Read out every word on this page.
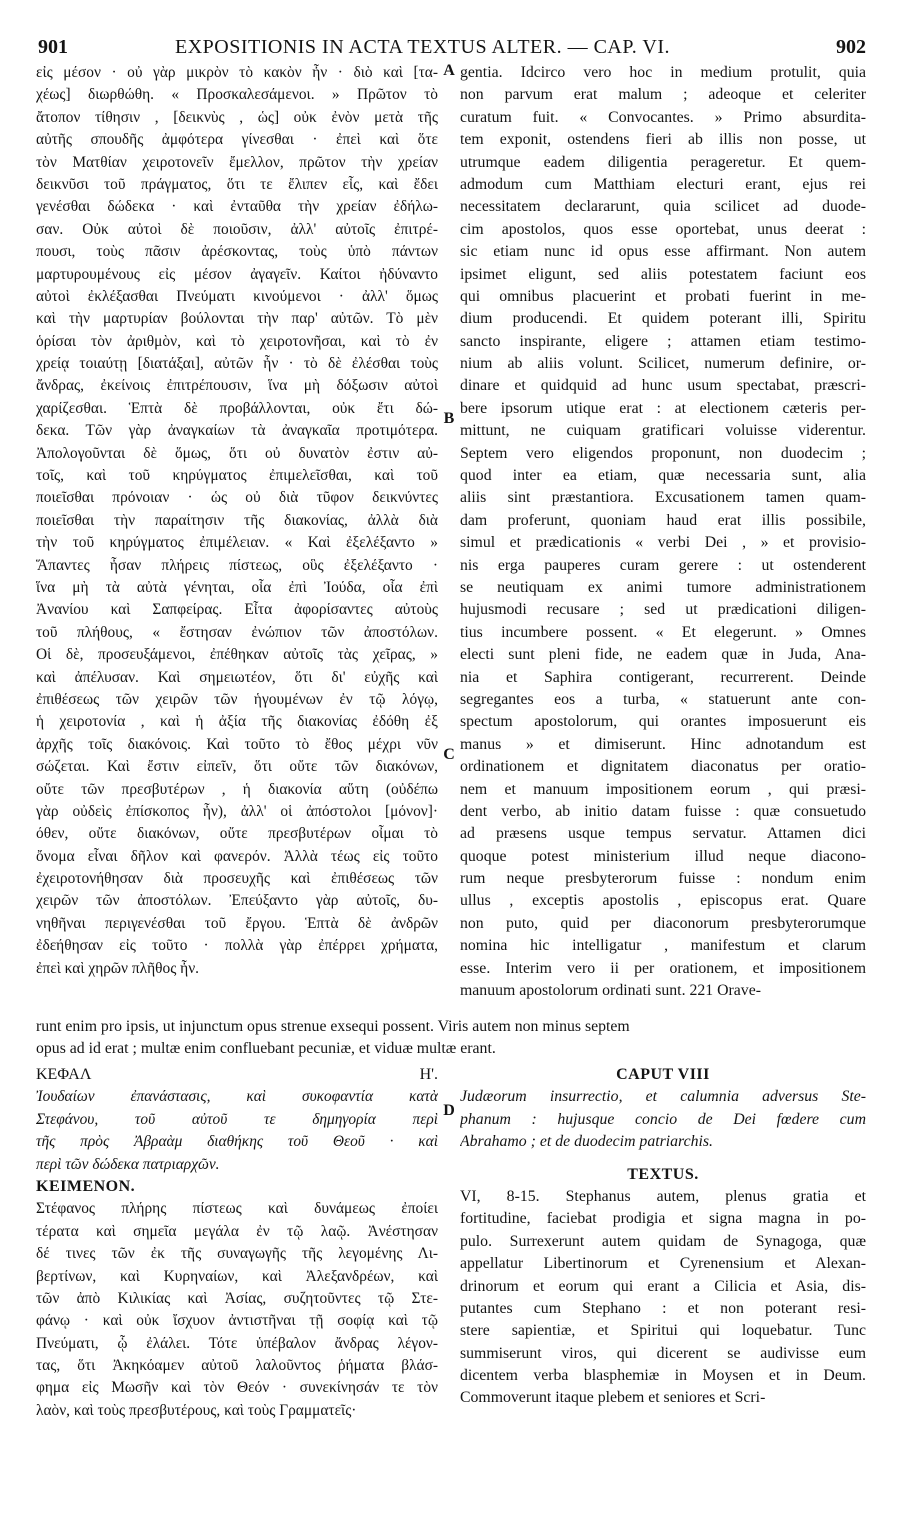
901	EXPOSITIONIS IN ACTA TEXTUS ALTER. — CAP. VI.	902
εἰς μέσον · οὐ γὰρ μικρὸν τὸ κακὸν ἦν · διὸ καὶ [τα-
χέως] διωρθώθη. « Προσκαλεσάμενοι. » Πρῶτον τὸ
ἄτοπον τίθησιν , [δεικνὺς , ὡς] οὐκ ἐνὸν μετὰ τῆς
αὐτῆς σπουδῆς ἀμφότερα γίνεσθαι · ἐπεὶ καὶ ὅτε
τὸν Ματθίαν χειροτονεῖν ἔμελλον, πρῶτον τὴν χρείαν
δεικνῦσι τοῦ πράγματος, ὅτι τε ἔλιπεν εἷς, καὶ ἔδει
γενέσθαι δώδεκα · καὶ ἐνταῦθα τὴν χρείαν ἐδήλω-
σαν. Οὐκ αὐτοὶ δὲ ποιοῦσιν, ἀλλ' αὐτοῖς ἐπιτρέ-
πουσι, τοὺς πᾶσιν ἀρέσκοντας, τοὺς ὑπὸ πάντων
μαρτυρουμένους εἰς μέσον ἀγαγεῖν. Καίτοι ἠδύναντο
αὐτοὶ ἐκλέξασθαι Πνεύματι κινούμενοι · ἀλλ' ὅμως
καὶ τὴν μαρτυρίαν βούλονται τὴν παρ' αὐτῶν. Τὸ μὲν
ὁρίσαι τὸν ἀριθμὸν, καὶ τὸ χειροτονῆσαι, καὶ τὸ ἐν
χρείᾳ τοιαύτῃ [διατάξαι], αὐτῶν ἦν · τὸ δὲ ἐλέσθαι τοὺς
ἄνδρας, ἐκείνοις ἐπιτρέπουσιν, ἵνα μὴ δόξωσιν αὐτοὶ
χαρίζεσθαι. Ἑπτὰ δὲ προβάλλονται, οὐκ ἔτι δώ-
δεκα. Τῶν γὰρ ἀναγκαίων τὰ ἀναγκαῖα προτιμότερα.
Ἀπολογοῦνται δὲ ὅμως, ὅτι οὐ δυνατὸν ἐστιν αὐ-
τοῖς, καὶ τοῦ κηρύγματος ἐπιμελεῖσθαι, καὶ τοῦ
ποιεῖσθαι πρόνοιαν · ὡς οὐ διὰ τῦφον δεικνύντες
ποιεῖσθαι τὴν παραίτησιν τῆς διακονίας, ἀλλὰ διὰ
τὴν τοῦ κηρύγματος ἐπιμέλειαν. « Καὶ ἐξελέξαντο »
Ἅπαντες ἦσαν πλήρεις πίστεως, οὓς ἐξελέξαντο ·
ἵνα μὴ τὰ αὐτὰ γένηται, οἷα ἐπὶ Ἰούδα, οἷα ἐπὶ
Ἀνανίου καὶ Σαπφείρας. Εἶτα ἀφορίσαντες αὐτοὺς
τοῦ πλήθους, « ἔστησαν ἐνώπιον τῶν ἀποστόλων.
Οἱ δὲ, προσευξάμενοι, ἐπέθηκαν αὐτοῖς τὰς χεῖρας, »
καὶ ἀπέλυσαν. Καὶ σημειωτέον, ὅτι δι' εὐχῆς καὶ
ἐπιθέσεως τῶν χειρῶν τῶν ἡγουμένων ἐν τῷ λόγῳ,
ἡ χειροτονία , καὶ ἡ ἀξία τῆς διακονίας ἐδόθη ἐξ
ἀρχῆς τοῖς διακόνοις. Καὶ τοῦτο τὸ ἔθος μέχρι νῦν
σώζεται. Καὶ ἔστιν εἰπεῖν, ὅτι οὔτε τῶν διακόνων,
οὔτε τῶν πρεσβυτέρων , ἡ διακονία αὕτη (οὐδέπω
γὰρ οὐδεὶς ἐπίσκοπος ἦν), ἀλλ' οἱ ἀπόστολοι [μόνον]·
όθεν, οὔτε διακόνων, οὔτε πρεσβυτέρων οἶμαι τὸ
ὄνομα εἶναι δῆλον καὶ φανερόν. Ἀλλὰ τέως εἰς τοῦτο
ἐχειροτονήθησαν διὰ προσευχῆς καὶ ἐπιθέσεως τῶν
χειρῶν τῶν ἀποστόλων. Ἐπεύξαντο γὰρ αὐτοῖς, δυ-
νηθῆναι περιγενέσθαι τοῦ ἔργου. Ἑπτὰ δὲ ἀνδρῶν
ἐδεήθησαν εἰς τοῦτο · πολλὰ γὰρ ἐπέρρει χρήματα,
ἐπεὶ καὶ χηρῶν πλῆθος ἦν.
gentia. Idcirco vero hoc in medium protulit, quia
non parvum erat malum ; adeoque et celeriter
curatum fuit. « Convocantes. » Primo absurdita-
tem exponit, ostendens fieri ab illis non posse, ut
utrumque eadem diligentia perageretur. Et quem-
admodum cum Matthiam electuri erant, ejus rei
necessitatem declararunt, quia scilicet ad duode-
cim apostolos, quos esse oportebat, unus deerat :
sic etiam nunc id opus esse affirmant. Non autem
ipsimet eligunt, sed aliis potestatem faciunt eos
qui omnibus placuerint et probati fuerint in me-
dium producendi. Et quidem poterant illi, Spiritu
sancto inspirante, eligere ; attamen etiam testimo-
nium ab aliis volunt. Scilicet, numerum definire, or-
dinare et quidquid ad hunc usum spectabat, præscri-
bere ipsorum utique erat : at electionem cæteris per-
mittunt, ne cuiquam gratificari voluisse viderentur.
Septem vero eligendos proponunt, non duodecim ;
quod inter ea etiam, quæ necessaria sunt, alia
aliis sint præstantiora. Excusationem tamen quam-
dam proferunt, quoniam haud erat illis possibile,
simul et prædicationis « verbi Dei , » et provisio-
nis erga pauperes curam gerere : ut ostenderent
se neutiquam ex animi tumore administrationem
hujusmodi recusare ; sed ut prædicationi diligen-
tius incumbere possent. « Et elegerunt. » Omnes
electi sunt pleni fide, ne eadem quæ in Juda, Ana-
nia et Saphira contigerant, recurrerent. Deinde
segregantes eos a turba, « statuerunt ante con-
spectum apostolorum, qui orantes imposuerunt eis
manus » et dimiserunt. Hinc adnotandum est
ordinationem et dignitatem diaconatus per oratio-
nem et manuum impositionem eorum , qui præsi-
dent verbo, ab initio datam fuisse : quæ consuetudo
ad præsens usque tempus servatur. Attamen dici
quoque potest ministerium illud neque diacono-
rum neque presbyterorum fuisse : nondum enim
ullus , exceptis apostolis , episcopus erat. Quare
non puto, quid per diaconorum presbyterorumque
nomina hic intelligatur , manifestum et clarum
esse. Interim vero ii per orationem, et impositionem
manuum apostolorum ordinati sunt. 221 Orave-
A
B
C
D
runt enim pro ipsis, ut injunctum opus strenue exsequi possent. Viris autem non minus septem
opus ad id erat ; multæ enim confluebant pecuniæ, et viduæ multæ erant.
ΚΕΦΑΛ Η'.
Ἰουδαίων ἐπανάστασις, καὶ συκοφαντία κατὰ
Στεφάνου, τοῦ αὐτοῦ τε δημηγορία περὶ
τῆς πρὸς Ἀβραὰμ διαθήκης τοῦ Θεοῦ · καὶ
περὶ τῶν δώδεκα πατριαρχῶν.
ΚΕΙΜΕΝΟΝ.
Στέφανος πλήρης πίστεως καὶ δυνάμεως ἐποίει
τέρατα καὶ σημεῖα μεγάλα ἐν τῷ λαῷ. Ἀνέστησαν
δέ τινες τῶν ἐκ τῆς συναγωγῆς τῆς λεγομένης Λι-
βερτίνων, καὶ Κυρηναίων, καὶ Ἀλεξανδρέων, καὶ
τῶν ἀπὸ Κιλικίας καὶ Ἀσίας, συζητοῦντες τῷ Στε-
φάνῳ · καὶ οὐκ ἴσχυον ἀντιστῆναι τῇ σοφίᾳ καὶ τῷ
Πνεύματι, ᾧ ἐλάλει. Τότε ὑπέβαλον ἄνδρας λέγον-
τας, ὅτι Ἀκηκόαμεν αὐτοῦ λαλοῦντος ῥήματα βλάσ-
φημα εἰς Μωσῆν καὶ τὸν Θεόν · συνεκίνησάν τε τὸν
λαὸν, καὶ τοὺς πρεσβυτέρους, καὶ τοὺς Γραμματεῖς·
CAPUT VIII
Judæorum insurrectio, et calumnia adversus Ste-
phanum : hujusque concio de Dei fœdere cum
Abrahamo ; et de duodecim patriarchis.
TEXTUS.
VI, 8-15. Stephanus autem, plenus gratia et
fortitudine, faciebat prodigia et signa magna in po-
pulo. Surrexerunt autem quidam de Synagoga, quæ
appellatur Libertinorum et Cyrenensium et Alexan-
drinorum et eorum qui erant a Cilicia et Asia, dis-
putantes cum Stephano : et non poterant resi-
stere sapientiæ, et Spiritui qui loquebatur. Tunc
summiserunt viros, qui dicerent se audivisse eum
dicentem verba blasphemiæ in Moysen et in Deum.
Commoverunt itaque plebem et seniores et Scri-
